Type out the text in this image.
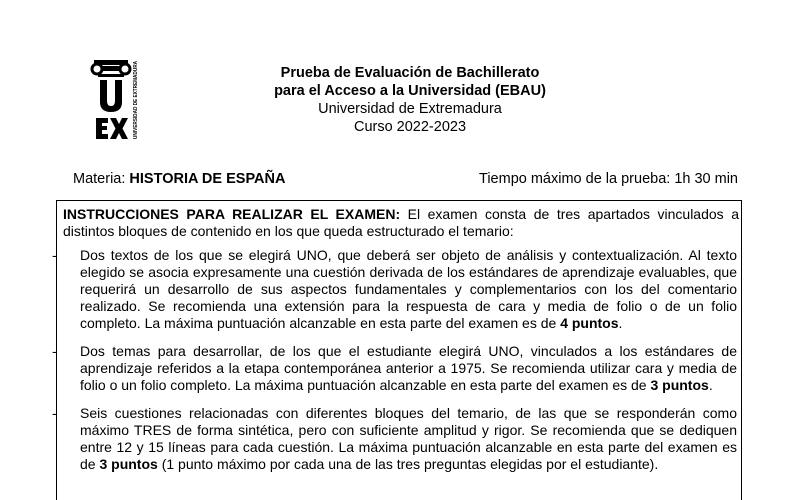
UNIVERSIDAD DE EXTREMADURA	Prueba de Evaluación de Bachillerato
para el Acceso a la Universidad (EBAU)
Universidad de Extremadura
Curso 2022-2023
Materia: HISTORIA DE ESPAÑA	Tiempo máximo de la prueba: 1h 30 min

INSTRUCCIONES PARA REALIZAR EL EXAMEN: El examen consta de tres apartados vinculados a distintos bloques de contenido en los que queda estructurado el temario:

- Dos textos de los que se elegirá UNO, que deberá ser objeto de análisis y contextualización. Al texto elegido se asocia expresamente una cuestión derivada de los estándares de aprendizaje evaluables, que requerirá un desarrollo de sus aspectos fundamentales y complementarios con los del comentario realizado. Se recomienda una extensión para la respuesta de cara y media de folio o de un folio completo. La máxima puntuación alcanzable en esta parte del examen es de 4 puntos.
- Dos temas para desarrollar, de los que el estudiante elegirá UNO, vinculados a los estándares de aprendizaje referidos a la etapa contemporánea anterior a 1975. Se recomienda utilizar cara y media de folio o un folio completo. La máxima puntuación alcanzable en esta parte del examen es de 3 puntos.
- Seis cuestiones relacionadas con diferentes bloques del temario, de las que se responderán como máximo TRES de forma sintética, pero con suficiente amplitud y rigor. Se recomienda que se dediquen entre 12 y 15 líneas para cada cuestión. La máxima puntuación alcanzable en esta parte del examen es de 3 puntos (1 punto máximo por cada una de las tres preguntas elegidas por el estudiante).
